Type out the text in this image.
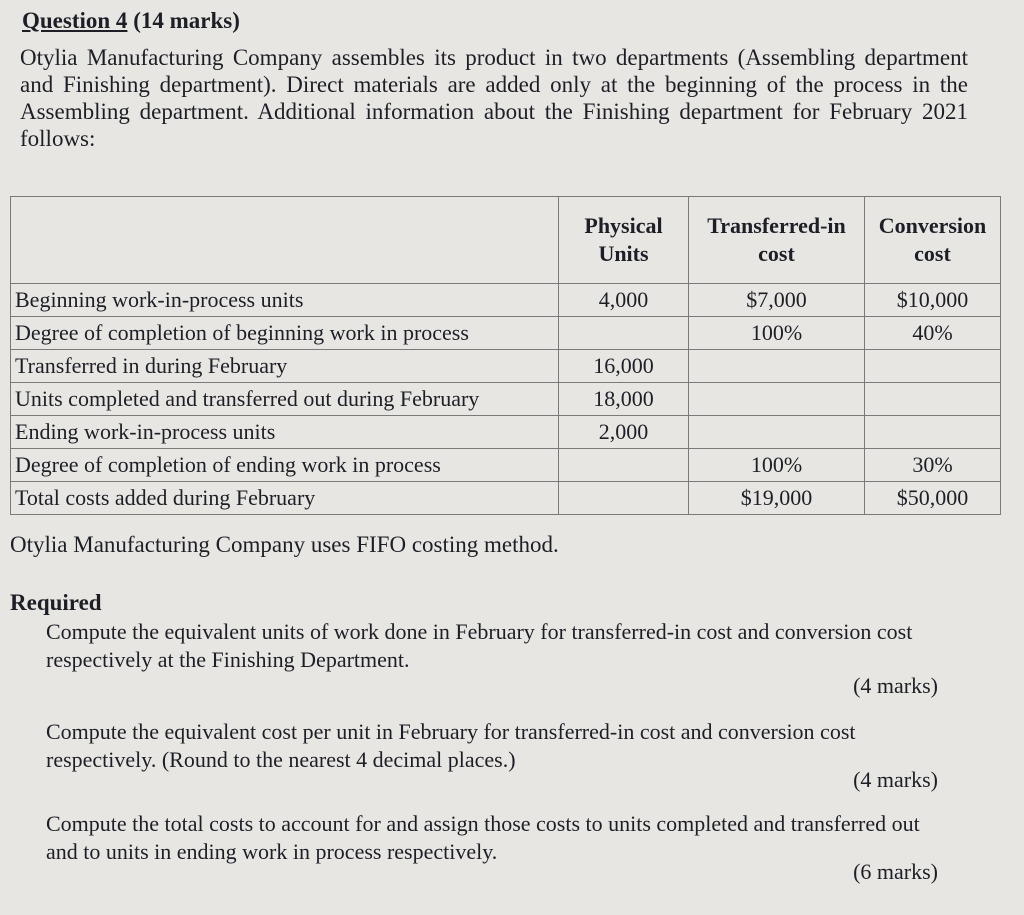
Question 4 (14 marks)
Otylia Manufacturing Company assembles its product in two departments (Assembling department and Finishing department). Direct materials are added only at the beginning of the process in the Assembling department. Additional information about the Finishing department for February 2021 follows:
	Physical Units	Transferred-in cost	Conversion cost
Beginning work-in-process units	4,000	$7,000	$10,000
Degree of completion of beginning work in process		100%	40%
Transferred in during February	16,000		
Units completed and transferred out during February	18,000		
Ending work-in-process units	2,000		
Degree of completion of ending work in process		100%	30%
Total costs added during February		$19,000	$50,000
Otylia Manufacturing Company uses FIFO costing method.
Required

Compute the equivalent units of work done in February for transferred-in cost and conversion cost respectively at the Finishing Department.

(4 marks)

Compute the equivalent cost per unit in February for transferred-in cost and conversion cost respectively. (Round to the nearest 4 decimal places.)

(4 marks)

Compute the total costs to account for and assign those costs to units completed and transferred out and to units in ending work in process respectively.

(6 marks)
